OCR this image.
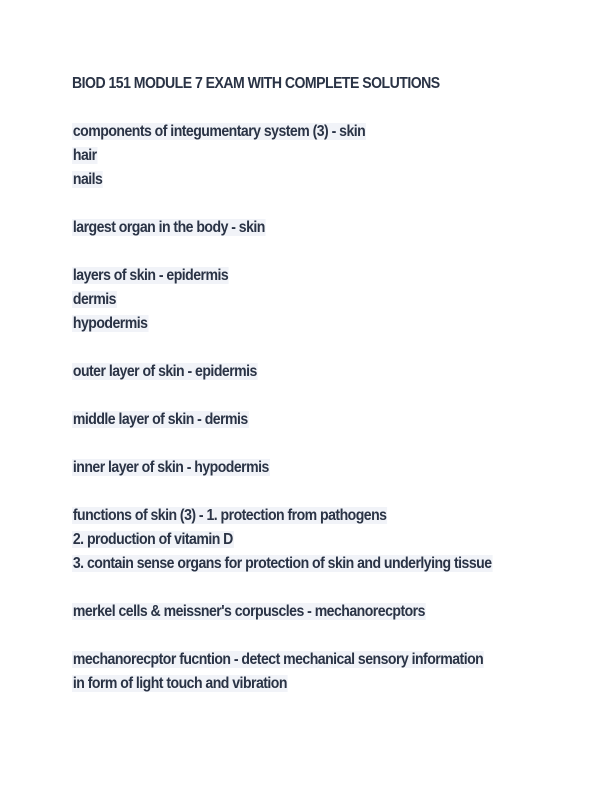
BIOD 151 MODULE 7 EXAM WITH COMPLETE SOLUTIONS
components of integumentary system (3) - skin
hair
nails
largest organ in the body - skin
layers of skin - epidermis
dermis
hypodermis
outer layer of skin - epidermis
middle layer of skin - dermis
inner layer of skin - hypodermis
functions of skin (3) - 1. protection from pathogens
2. production of vitamin D
3. contain sense organs for protection of skin and underlying tissue
merkel cells & meissner's corpuscles - mechanorecptors
mechanorecptor fucntion - detect mechanical sensory information
in form of light touch and vibration
